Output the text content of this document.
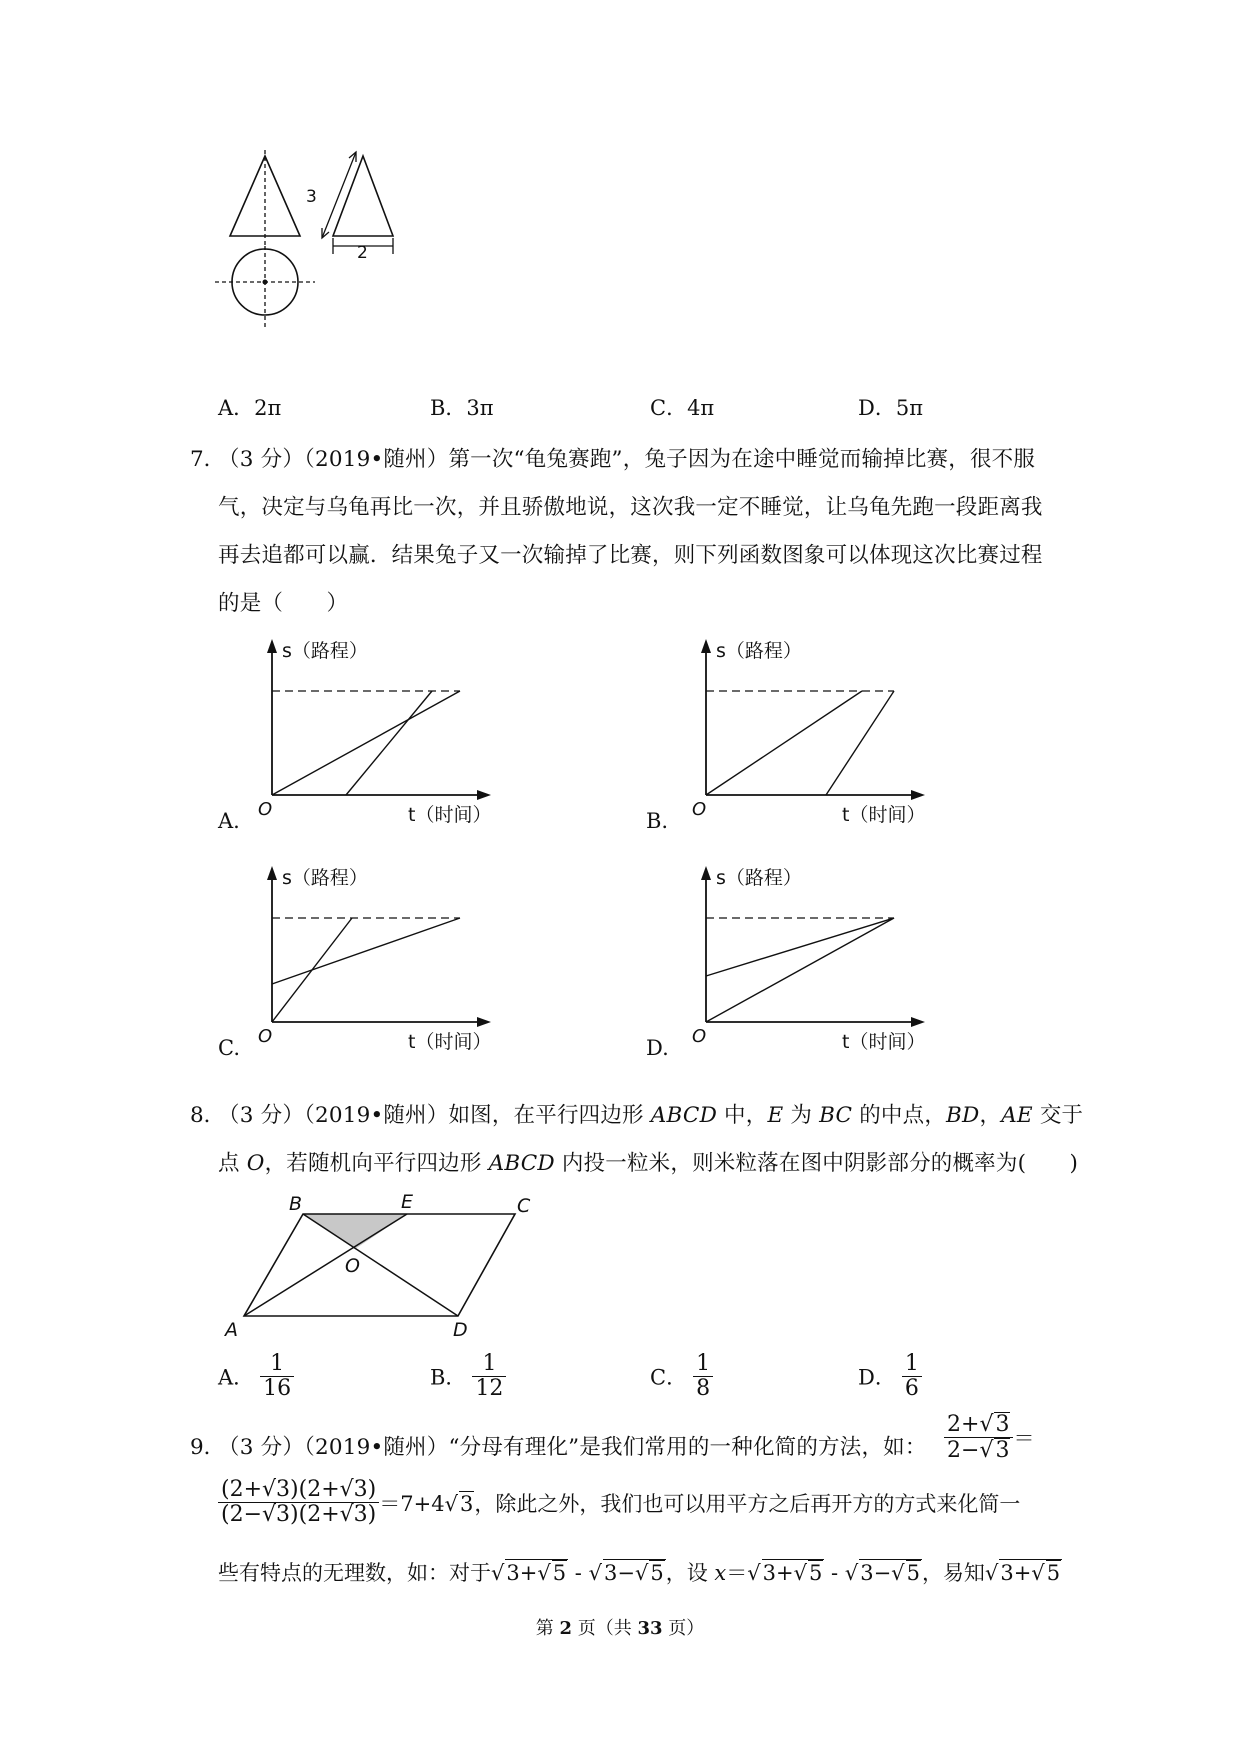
3
2
A．2π	B．3π	C．4π	D．5π
7．
（3 分）（2019•随州）第一次“龟兔赛跑”，兔子因为在途中睡觉而输掉比赛，很不服
气，决定与乌龟再比一次，并且骄傲地说，这次我一定不睡觉，让乌龟先跑一段距离我
再去追都可以赢．结果兔子又一次输掉了比赛，则下列函数图象可以体现这次比赛过程
的是（　　）
s（路程）
t（时间）
O
A.
s（路程）
t（时间）
O
B.
s（路程）
t（时间）
O
C.
s（路程）
t（时间）
O
D.
8．
（3 分）（2019•随州）如图，在平行四边形 ABCD 中，E 为 BC 的中点，BD，AE 交于
点 O，若随机向平行四边形 ABCD 内投一粒米，则米粒落在图中阴影部分的概率为(　　)
B	E	C
O
A	D
A． $\frac{1}{16}$	B． $\frac{1}{12}$	C． $\frac{1}{8}$	D． $\frac{1}{6}$
9．
（3 分）（2019•随州）“分母有理化”是我们常用的一种化简的方法，如： $\frac{2+√ 3}{2-√ 3}$ ＝
$\frac{(2+√3)(2+√3)}{(2-√3)(2+√3)} =7+4√$ 3，除此之外，我们也可以用平方之后再开方的方式来化简一
些有特点的无理数，如：对于√ 3+√ 5 - √ 3−√ 5，设 x＝√ 3+√ 5 - √ 3−√ 5，易知√ 3+√ 5
第 2 页（共 33 页）
